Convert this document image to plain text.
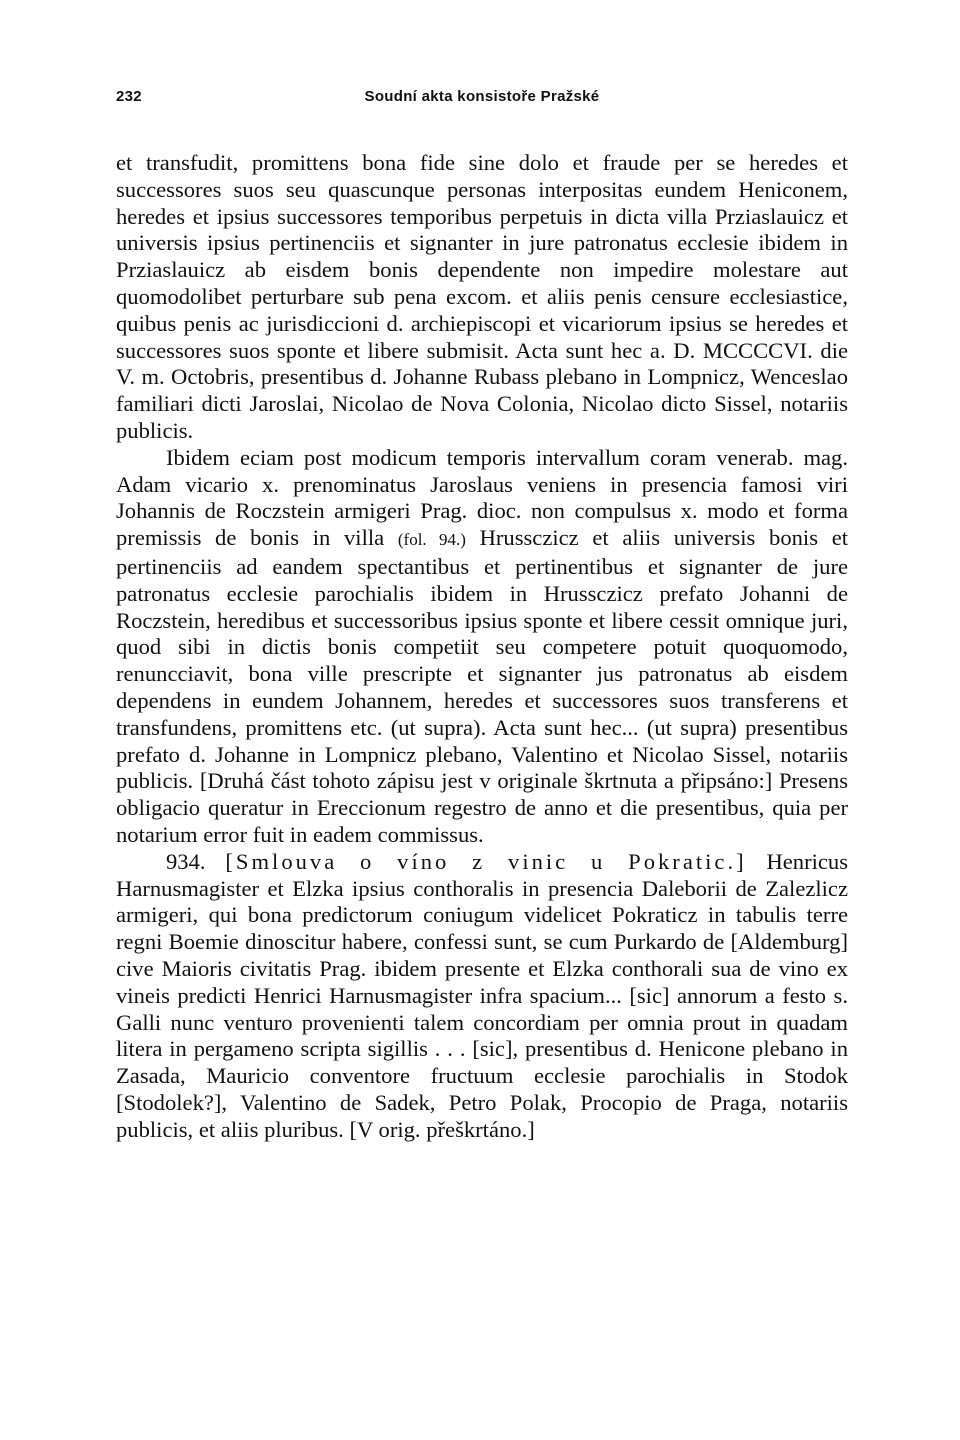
232	Soudní akta konsistoře Pražské

et transfudit, promittens bona fide sine dolo et fraude per se heredes et successores suos seu quascunque personas interpositas eundem Heniconem, heredes et ipsius successores temporibus perpetuis in dicta villa Prziaslauicz et universis ipsius pertinenciis et signanter in jure patronatus ecclesie ibidem in Prziaslauicz ab eisdem bonis dependente non impedire molestare aut quomodolibet perturbare sub pena excom. et aliis penis censure ecclesiastice, quibus penis ac jurisdiccioni d. archiepiscopi et vicariorum ipsius se heredes et successores suos sponte et libere submisit. Acta sunt hec a. D. MCCCCVI. die V. m. Octobris, presentibus d. Johanne Rubass plebano in Lompnicz, Wenceslao familiari dicti Jaroslai, Nicolao de Nova Colonia, Nicolao dicto Sissel, notariis publicis.

Ibidem eciam post modicum temporis intervallum coram venerab. mag. Adam vicario x. prenominatus Jaroslaus veniens in presencia famosi viri Johannis de Roczstein armigeri Prag. dioc. non compulsus x. modo et forma premissis de bonis in villa (fol. 94.) Hrussczicz et aliis universis bonis et pertinenciis ad eandem spectantibus et pertinentibus et signanter de jure patronatus ecclesie parochialis ibidem in Hrussczicz prefato Johanni de Roczstein, heredibus et successoribus ipsius sponte et libere cessit omnique juri, quod sibi in dictis bonis competiit seu competere potuit quoquomodo, renuncciavit, bona ville prescripte et signanter jus patronatus ab eisdem dependens in eundem Johannem, heredes et successores suos transferens et transfundens, promittens etc. (ut supra). Acta sunt hec... (ut supra) presentibus prefato d. Johanne in Lompnicz plebano, Valentino et Nicolao Sissel, notariis publicis. [Druhá část tohoto zápisu jest v originale škrtnuta a připsáno:] Presens obligacio queratur in Ereccionum regestro de anno et die presentibus, quia per notarium error fuit in eadem commissus.

934. [Smlouva o víno z vinic u Pokratic.] Henricus Harnusmagister et Elzka ipsius conthoralis in presencia Daleborii de Zalezlicz armigeri, qui bona predictorum coniugum videlicet Pokraticz in tabulis terre regni Boemie dinoscitur habere, confessi sunt, se cum Purkardo de [Aldemburg] cive Maioris civitatis Prag. ibidem presente et Elzka conthorali sua de vino ex vineis predicti Henrici Harnusmagister infra spacium... [sic] annorum a festo s. Galli nunc venturo provenienti talem concordiam per omnia prout in quadam litera in pergameno scripta sigillis . . . [sic], presentibus d. Henicone plebano in Zasada, Mauricio conventore fructuum ecclesie parochialis in Stodok [Stodolek?], Valentino de Sadek, Petro Polak, Procopio de Praga, notariis publicis, et aliis pluribus. [V orig. přeškrtáno.]
